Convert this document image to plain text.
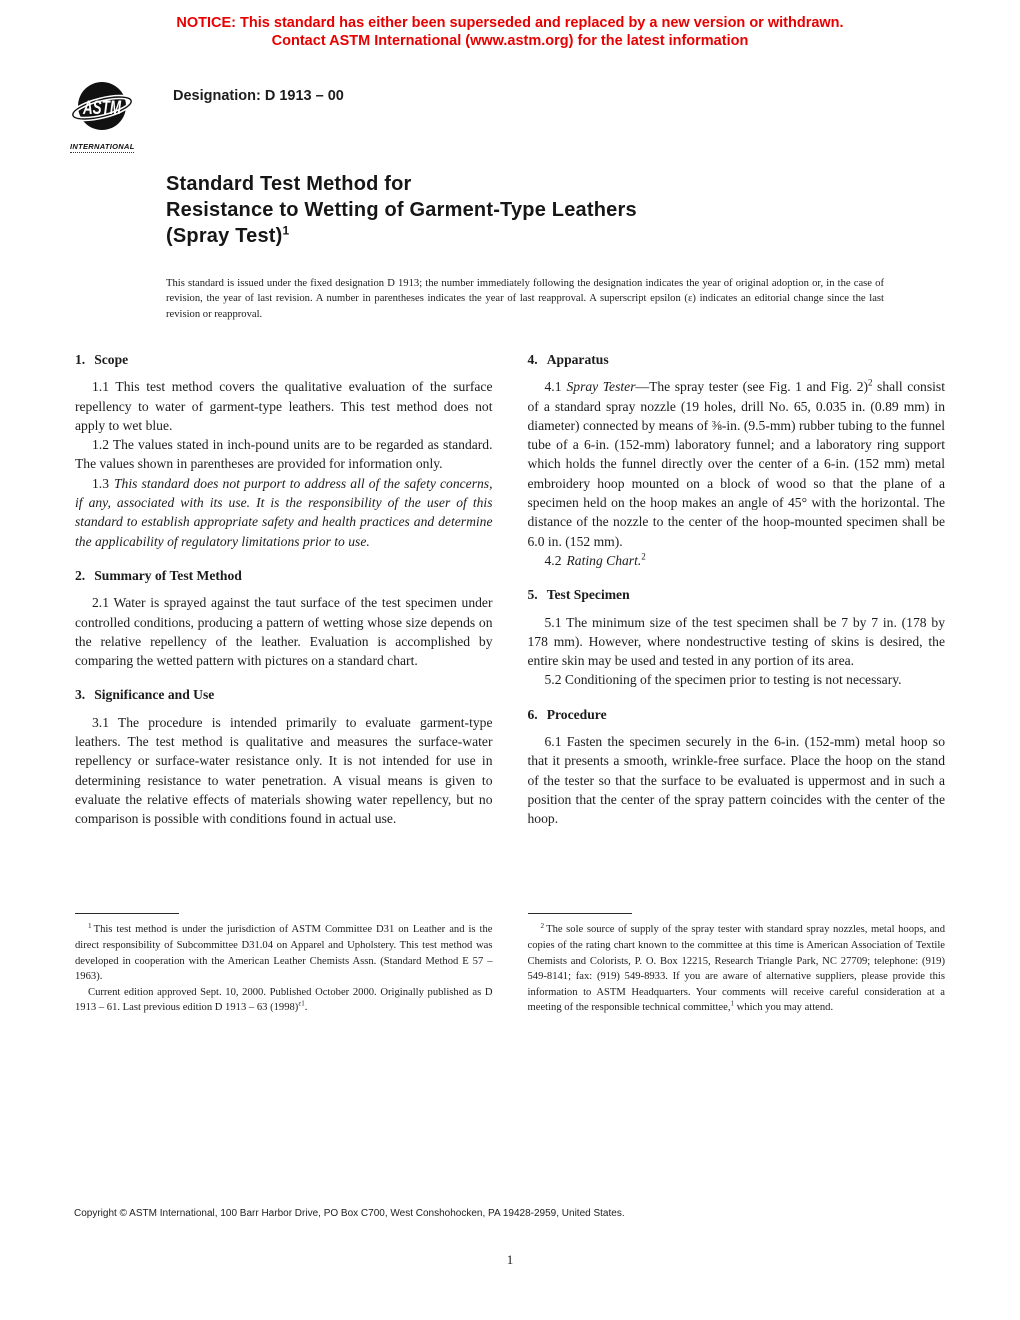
NOTICE: This standard has either been superseded and replaced by a new version or withdrawn.
Contact ASTM International (www.astm.org) for the latest information
ASTM
INTERNATIONAL
Designation: D 1913 – 00
Standard Test Method for
Resistance to Wetting of Garment-Type Leathers
(Spray Test)$^1$

This standard is issued under the fixed designation D 1913; the number immediately following the designation indicates the year of original adoption or, in the case of revision, the year of last revision. A number in parentheses indicates the year of last reapproval. A superscript epsilon (ε) indicates an editorial change since the last revision or reapproval.

1. Scope

1.1 This test method covers the qualitative evaluation of the surface repellency to water of garment-type leathers. This test method does not apply to wet blue.

1.2 The values stated in inch-pound units are to be regarded as standard. The values shown in parentheses are provided for information only.

1.3 This standard does not purport to address all of the safety concerns, if any, associated with its use. It is the responsibility of the user of this standard to establish appropriate safety and health practices and determine the applicability of regulatory limitations prior to use.

2. Summary of Test Method

2.1 Water is sprayed against the taut surface of the test specimen under controlled conditions, producing a pattern of wetting whose size depends on the relative repellency of the leather. Evaluation is accomplished by comparing the wetted pattern with pictures on a standard chart.

3. Significance and Use

3.1 The procedure is intended primarily to evaluate garment-type leathers. The test method is qualitative and measures the surface-water repellency or surface-water resistance only. It is not intended for use in determining resistance to water penetration. A visual means is given to evaluate the relative effects of materials showing water repellency, but no comparison is possible with conditions found in actual use.

$^1$ This test method is under the jurisdiction of ASTM Committee D31 on Leather and is the direct responsibility of Subcommittee D31.04 on Apparel and Upholstery. This test method was developed in cooperation with the American Leather Chemists Assn. (Standard Method E 57 – 1963).

Current edition approved Sept. 10, 2000. Published October 2000. Originally published as D 1913 – 61. Last previous edition D 1913 – 63 $(1998)^{\varepsilon 1}$.

4. Apparatus

4.1 Spray Tester—The spray tester (see Fig. 1 and Fig. 2)$^2$ shall consist of a standard spray nozzle (19 holes, drill No. 65, 0.035 in. (0.89 mm) in diameter) connected by means of ⅜-in. (9.5-mm) rubber tubing to the funnel tube of a 6-in. (152-mm) laboratory funnel; and a laboratory ring support which holds the funnel directly over the center of a 6-in. (152 mm) metal embroidery hoop mounted on a block of wood so that the plane of a specimen held on the hoop makes an angle of 45° with the horizontal. The distance of the nozzle to the center of the hoop-mounted specimen shall be 6.0 in. (152 mm).

4.2 Rating Chart.$^2$

5. Test Specimen

5.1 The minimum size of the test specimen shall be 7 by 7 in. (178 by 178 mm). However, where nondestructive testing of skins is desired, the entire skin may be used and tested in any portion of its area.

5.2 Conditioning of the specimen prior to testing is not necessary.

6. Procedure

6.1 Fasten the specimen securely in the 6-in. (152-mm) metal hoop so that it presents a smooth, wrinkle-free surface. Place the hoop on the stand of the tester so that the surface to be evaluated is uppermost and in such a position that the center of the spray pattern coincides with the center of the hoop.

$^2$ The sole source of supply of the spray tester with standard spray nozzles, metal hoops, and copies of the rating chart known to the committee at this time is American Association of Textile Chemists and Colorists, P. O. Box 12215, Research Triangle Park, NC 27709; telephone: (919) 549-8141; fax: (919) 549-8933. If you are aware of alternative suppliers, please provide this information to ASTM Headquarters. Your comments will receive careful consideration at a meeting of the responsible technical committee,$^1$ which you may attend.

Copyright © ASTM International, 100 Barr Harbor Drive, PO Box C700, West Conshohocken, PA 19428-2959, United States.
1
